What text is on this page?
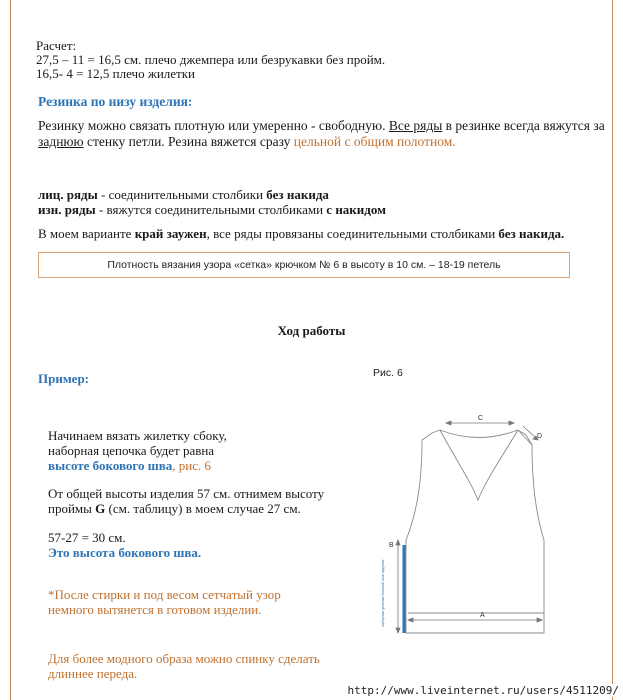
Расчет:
27,5 – 11 = 16,5 см. плечо джемпера или безрукавки без пройм.
16,5- 4 = 12,5 плечо жилетки
Резинка по низу изделия:
Резинку можно связать плотную или умеренно - свободную. Все ряды в резинке всегда вяжутся за
заднюю стенку петли. Резина вяжется сразу цельной с общим полотном.
лиц. ряды - соединительными столбики без накида
изн. ряды - вяжутся соединительными столбиками с накидом
В моем варианте край заужен, все ряды провязаны соединительными столбиками без накида.
Плотность вязания узора «сетка» крючком № 6 в высоту в 10 см. – 18-19 петель
Ход работы
Пример:	Рис. 6
Начинаем вязать жилетку сбоку,
наборная цепочка будет равна
высоте бокового шва, рис. 6
От общей высоты изделия 57 см. отнимем высоту
проймы G (см. таблицу) в моем случае 27 см.
57-27 = 30 см.
Это высота бокового шва.
*После стирки и под весом сетчатый узор
немного вытянется в готовом изделии.
Для более модного образа можно спинку сделать
длиннее переда.
C
D
B
A
наборная цепочка боковой шов изделия
http://www.liveinternet.ru/users/4511209/
